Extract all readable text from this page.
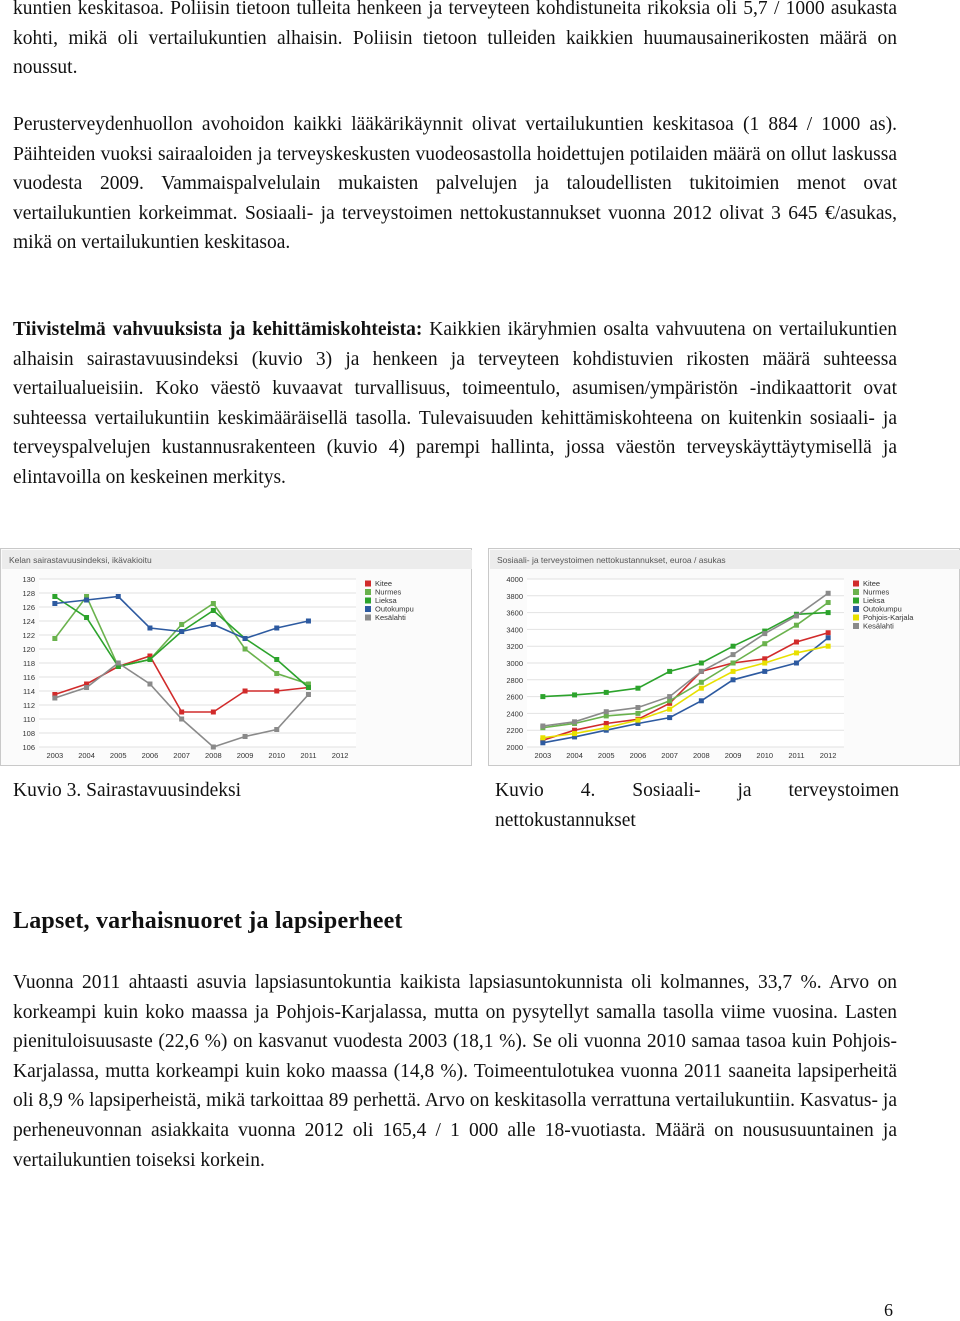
kuntien keskitasoa. Poliisin tietoon tulleita henkeen ja terveyteen kohdistuneita rikoksia oli 5,7 / 1000 asukasta kohti, mikä oli vertailukuntien alhaisin. Poliisin tietoon tulleiden kaikkien huumausainerikosten määrä on noussut.

Perusterveydenhuollon avohoidon kaikki lääkärikäynnit olivat vertailukuntien keskitasoa (1 884 / 1000 as). Päihteiden vuoksi sairaaloiden ja terveyskeskusten vuodeosastolla hoidettujen potilaiden määrä on ollut laskussa vuodesta 2009. Vammaispalvelulain mukaisten palvelujen ja taloudellisten tukitoimien menot ovat vertailukuntien korkeimmat. Sosiaali- ja terveystoimen nettokustannukset vuonna 2012 olivat 3 645 €/asukas, mikä on vertailukuntien keskitasoa.

Tiivistelmä vahvuuksista ja kehittämiskohteista: Kaikkien ikäryhmien osalta vahvuutena on vertailukuntien alhaisin sairastavuusindeksi (kuvio 3) ja henkeen ja terveyteen kohdistuvien rikosten määrä suhteessa vertailualueisiin. Koko väestö kuvaavat turvallisuus, toimeentulo, asumisen/ympäristön -indikaattorit ovat suhteessa vertailukuntiin keskimääräisellä tasolla. Tulevaisuuden kehittämiskohteena on kuitenkin sosiaali- ja terveyspalvelujen kustannusrakenteen (kuvio 4) parempi hallinta, jossa väestön terveyskäyttäytymisellä ja elintavoilla on keskeinen merkitys.

Kelan sairastavuusindeksi, ikävakioitu
106
108
110
112
114
116
118
120
122
124
126
128
130
2003 2004 2005 2006 2007 2008 2009 2010 2011 2012
Kitee
Nurmes
Lieksa
Outokumpu
Kesälahti
Sosiaali- ja terveystoimen nettokustannukset, euroa / asukas
2000
2200
2400
2600
2800
3000
3200
3400
3600
3800
4000
2003 2004 2005 2006 2007 2008 2009 2010 2011 2012
Kitee
Nurmes
Lieksa
Outokumpu
Pohjois-Karjala
Kesälahti

Kuvio 3. Sairastavuusindeksi	Kuvio 4. Sosiaali- ja terveystoimen nettokustannukset

Lapset, varhaisnuoret ja lapsiperheet

Vuonna 2011 ahtaasti asuvia lapsiasuntokuntia kaikista lapsiasuntokunnista oli kolmannes, 33,7 %. Arvo on korkeampi kuin koko maassa ja Pohjois-Karjalassa, mutta on pysytellyt samalla tasolla viime vuosina. Lasten pienituloisuusaste (22,6 %) on kasvanut vuodesta 2003 (18,1 %). Se oli vuonna 2010 samaa tasoa kuin Pohjois-Karjalassa, mutta korkeampi kuin koko maassa (14,8 %). Toimeentulotukea vuonna 2011 saaneita lapsiperheitä oli 8,9 % lapsiperheistä, mikä tarkoittaa 89 perhettä. Arvo on keskitasolla verrattuna vertailukuntiin. Kasvatus- ja perheneuvonnan asiakkaita vuonna 2012 oli 165,4 / 1 000 alle 18-vuotiasta. Määrä on noususuuntainen ja vertailukuntien toiseksi korkein.

6
